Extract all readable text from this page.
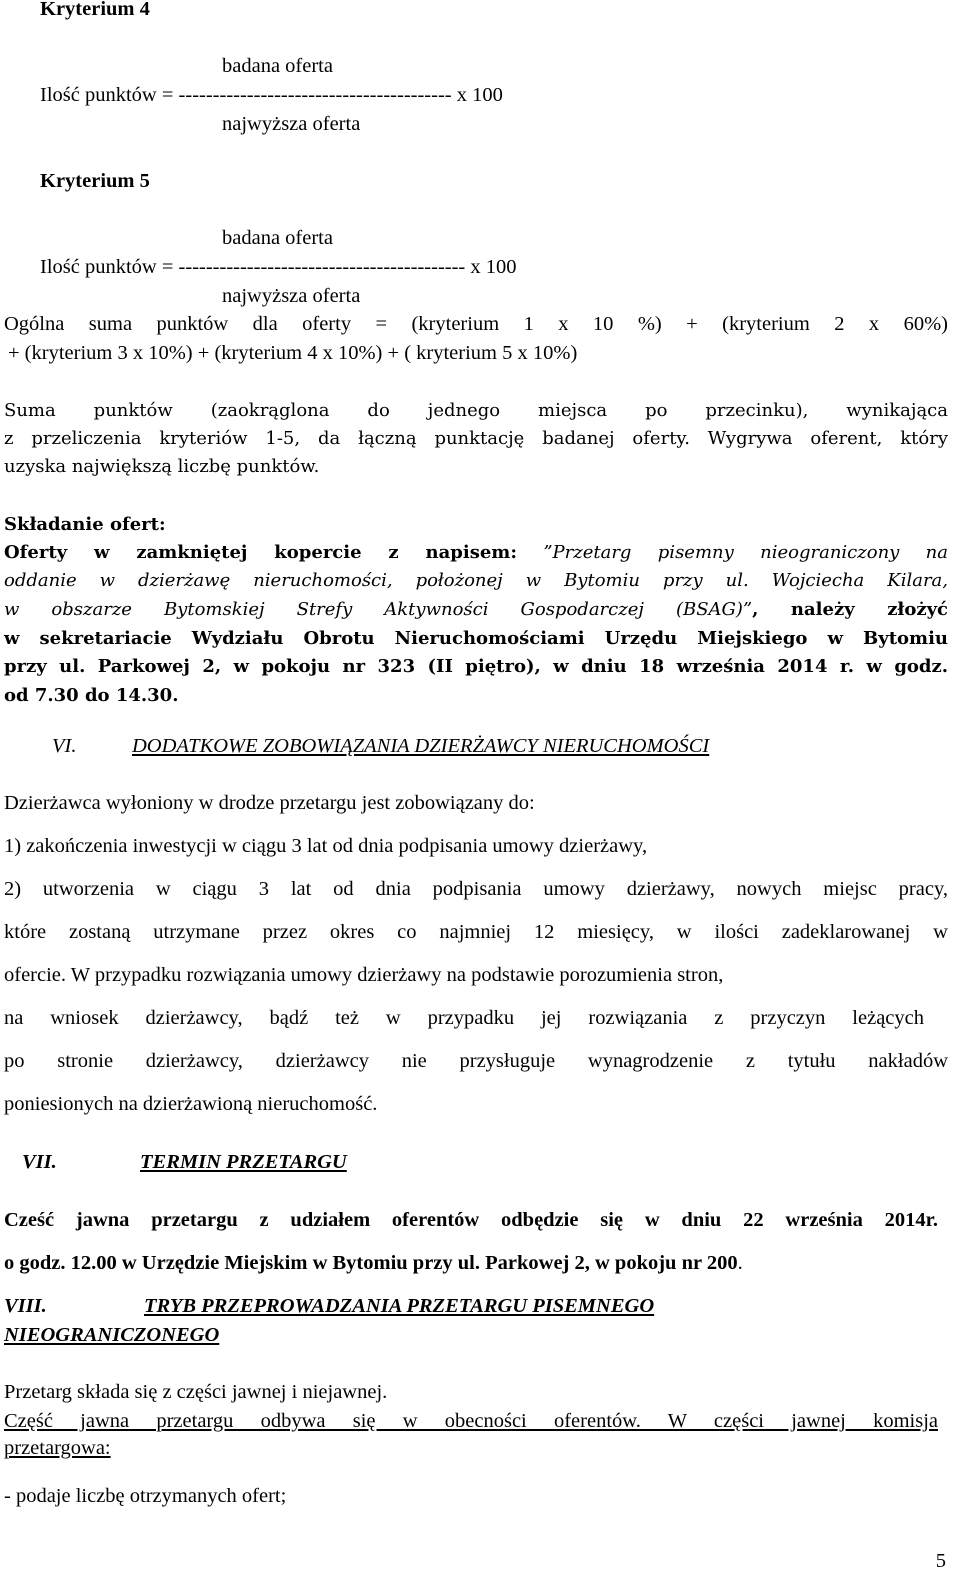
Kryterium 4
badana oferta
Ilość punktów = ---------------------------------------- x 100
najwyższa oferta
Kryterium 5
badana oferta
Ilość punktów = ------------------------------------------ x 100
najwyższa oferta
Ogólna suma punktów dla oferty = (kryterium 1 x 10 %) + (kryterium 2 x 60%)
+ (kryterium 3 x 10%) + (kryterium 4 x 10%) + ( kryterium 5 x 10%)
Suma punktów (zaokrąglona do jednego miejsca po przecinku), wynikająca
z przeliczenia kryteriów 1-5, da łączną punktację badanej oferty. Wygrywa oferent, który
uzyska największą liczbę punktów.
Składanie ofert:
Oferty w zamkniętej kopercie z napisem: ”Przetarg pisemny nieograniczony na
oddanie w dzierżawę nieruchomości, położonej w Bytomiu przy ul. Wojciecha Kilara,
w obszarze Bytomskiej Strefy Aktywności Gospodarczej (BSAG)”, należy złożyć
w sekretariacie Wydziału Obrotu Nieruchomościami Urzędu Miejskiego w Bytomiu
przy ul. Parkowej 2, w pokoju nr 323 (II piętro), w dniu 18 września 2014 r. w godz.
od 7.30 do 14.30.
VI.	DODATKOWE ZOBOWIĄZANIA DZIERŻAWCY NIERUCHOMOŚCI
Dzierżawca wyłoniony w drodze przetargu jest zobowiązany do:
1) zakończenia inwestycji w ciągu 3 lat od dnia podpisania umowy dzierżawy,
2) utworzenia w ciągu 3 lat od dnia podpisania umowy dzierżawy, nowych miejsc pracy,
które zostaną utrzymane przez okres co najmniej 12 miesięcy, w ilości zadeklarowanej w
ofercie. W przypadku rozwiązania umowy dzierżawy na podstawie porozumienia stron,
na wniosek dzierżawcy, bądź też w przypadku jej rozwiązania z przyczyn leżących
po stronie dzierżawcy, dzierżawcy nie przysługuje wynagrodzenie z tytułu nakładów
poniesionych na dzierżawioną nieruchomość.
VII.	TERMIN PRZETARGU
Cześć jawna przetargu z udziałem oferentów odbędzie się w dniu 22 września 2014r.
o godz. 12.00 w Urzędzie Miejskim w Bytomiu przy ul. Parkowej 2, w pokoju nr 200.
VIII.	TRYB PRZEPROWADZANIA PRZETARGU PISEMNEGO
NIEOGRANICZONEGO
Przetarg składa się z części jawnej i niejawnej.
Część jawna przetargu odbywa się w obecności oferentów. W części jawnej komisja
przetargowa:
- podaje liczbę otrzymanych ofert;
5
